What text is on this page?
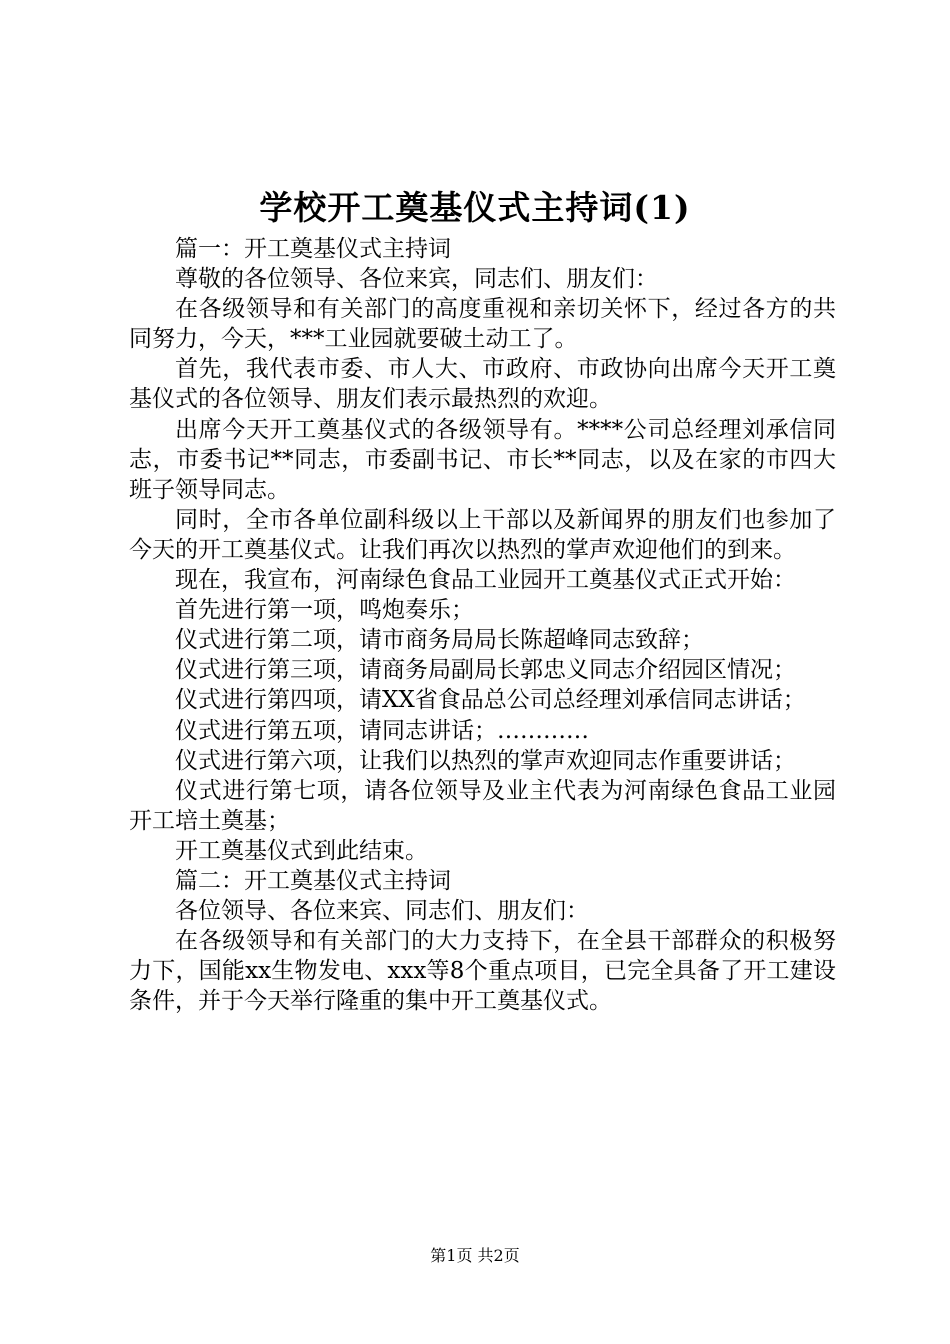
学校开工奠基仪式主持词(1)

篇一：开工奠基仪式主持词

尊敬的各位领导、各位来宾，同志们、朋友们：

在各级领导和有关部门的高度重视和亲切关怀下，经过各方的共同努力，今天，***工业园就要破土动工了。

首先，我代表市委、市人大、市政府、市政协向出席今天开工奠基仪式的各位领导、朋友们表示最热烈的欢迎。

出席今天开工奠基仪式的各级领导有。****公司总经理刘承信同志，市委书记**同志，市委副书记、市长**同志，以及在家的市四大班子领导同志。

同时，全市各单位副科级以上干部以及新闻界的朋友们也参加了今天的开工奠基仪式。让我们再次以热烈的掌声欢迎他们的到来。

现在，我宣布，河南绿色食品工业园开工奠基仪式正式开始：

首先进行第一项，鸣炮奏乐；

仪式进行第二项，请市商务局局长陈超峰同志致辞；

仪式进行第三项，请商务局副局长郭忠义同志介绍园区情况；

仪式进行第四项，请XX省食品总公司总经理刘承信同志讲话；

仪式进行第五项，请同志讲话；…………

仪式进行第六项，让我们以热烈的掌声欢迎同志作重要讲话；

仪式进行第七项，请各位领导及业主代表为河南绿色食品工业园开工培土奠基；

开工奠基仪式到此结束。

篇二：开工奠基仪式主持词

各位领导、各位来宾、同志们、朋友们：

在各级领导和有关部门的大力支持下，在全县干部群众的积极努力下，国能xx生物发电、xxx等8个重点项目，已完全具备了开工建设条件，并于今天举行隆重的集中开工奠基仪式。

第1页 共2页
